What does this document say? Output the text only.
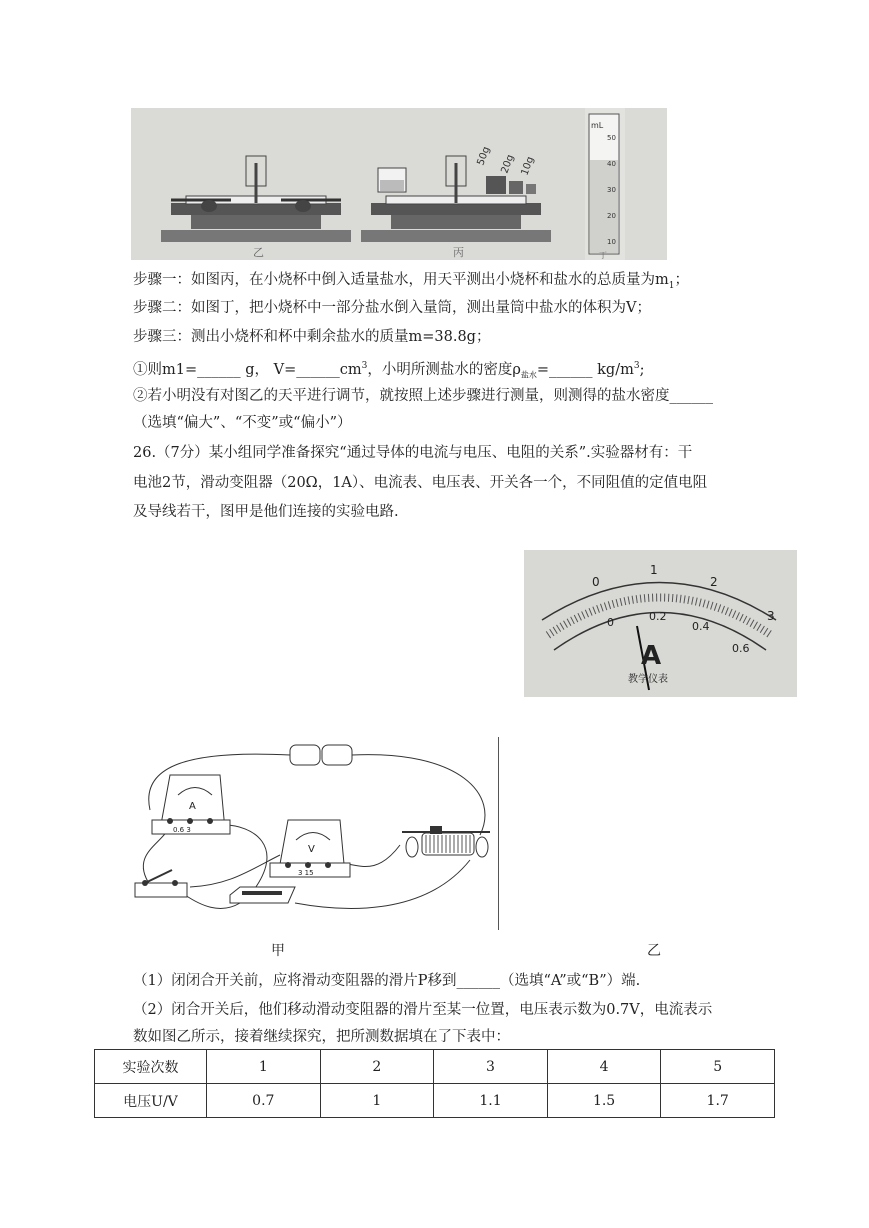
乙
50g 20g 10g
丙
mL
50
40
30
20
10
丁
步骤一：如图丙，在小烧杯中倒入适量盐水，用天平测出小烧杯和盐水的总质量为$m_1$；
步骤二：如图丁，把小烧杯中一部分盐水倒入量筒，测出量筒中盐水的体积为V；
步骤三：测出小烧杯和杯中剩余盐水的质量m=38.8g；
①则m1=______ g， $V=\_\_\_\_\_\_cm^3$，小明所测盐水的密度$\rho_{盐水}=\_\_\_\_\_\_$ $kg/m^3$;
②若小明没有对图乙的天平进行调节，就按照上述步骤进行测量，则测得的盐水密度______
（选填“偏大”、“不变”或“偏小”）
26.（7分）某小组同学准备探究“通过导体的电流与电压、电阻的关系”.实验器材有：干
电池2节，滑动变阻器（20Ω，1A）、电流表、电压表、开关各一个，不同阻值的定值电阻
及导线若干，图甲是他们连接的实验电路.
0
1
2
3
0	0.2
0.4
0.6
A
教学仪表
A
0.6 3
V
3 15
甲	乙
（1）闭闭合开关前，应将滑动变阻器的滑片P移到______（选填“A”或“B”）端.
（2）闭合开关后，他们移动滑动变阻器的滑片至某一位置，电压表示数为0.7V，电流表示
数如图乙所示，接着继续探究，把所测数据填在了下表中：
实验次数	1	2	3	4	5
电压U/V	0.7	1	1.1	1.5	1.7
